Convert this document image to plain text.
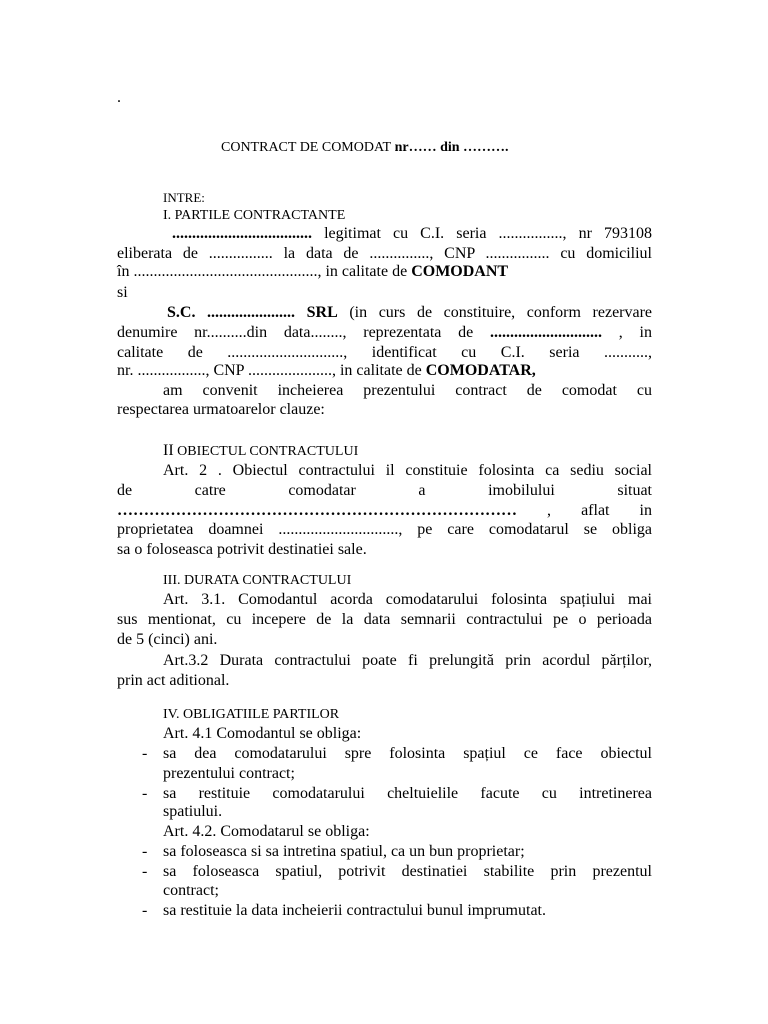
.
CONTRACT DE COMODAT nr…… din ……….
INTRE:
I. PARTILE CONTRACTANTE
................................... legitimat cu C.I. seria ................, nr 793108
eliberata de ................ la data de ..............., CNP ................ cu domiciliul
în .............................................., in calitate de COMODANT
si
S.C. ...................... SRL (in curs de constituire, conform rezervare
denumire nr..........din data........, reprezentata de ............................ , in
calitate de ............................., identificat cu C.I. seria ...........,
nr. ................., CNP ....................., in calitate de COMODATAR,
am convenit incheierea prezentului contract de comodat cu
respectarea urmatoarelor clauze:
II OBIECTUL CONTRACTULUI
Art. 2 . Obiectul contractului il constituie folosinta ca sediu social
de catre comodatar a imobilului situat
………………………………………………………………… , aflat in
proprietatea doamnei .............................., pe care comodatarul se obliga
sa o foloseasca potrivit destinatiei sale.
III. DURATA CONTRACTULUI
Art. 3.1. Comodantul acorda comodatarului folosinta spațiului mai
sus mentionat, cu incepere de la data semnarii contractului pe o perioada
de 5 (cinci) ani.
Art.3.2 Durata contractului poate fi prelungită prin acordul părților,
prin act aditional.
IV. OBLIGATIILE PARTILOR
Art. 4.1 Comodantul se obliga:
- sa dea comodatarului spre folosinta spațiul ce face obiectul
prezentului contract;
- sa restituie comodatarului cheltuielile facute cu intretinerea
spatiului.
Art. 4.2. Comodatarul se obliga:
- sa foloseasca si sa intretina spatiul, ca un bun proprietar;
- sa foloseasca spatiul, potrivit destinatiei stabilite prin prezentul
contract;
- sa restituie la data incheierii contractului bunul imprumutat.
